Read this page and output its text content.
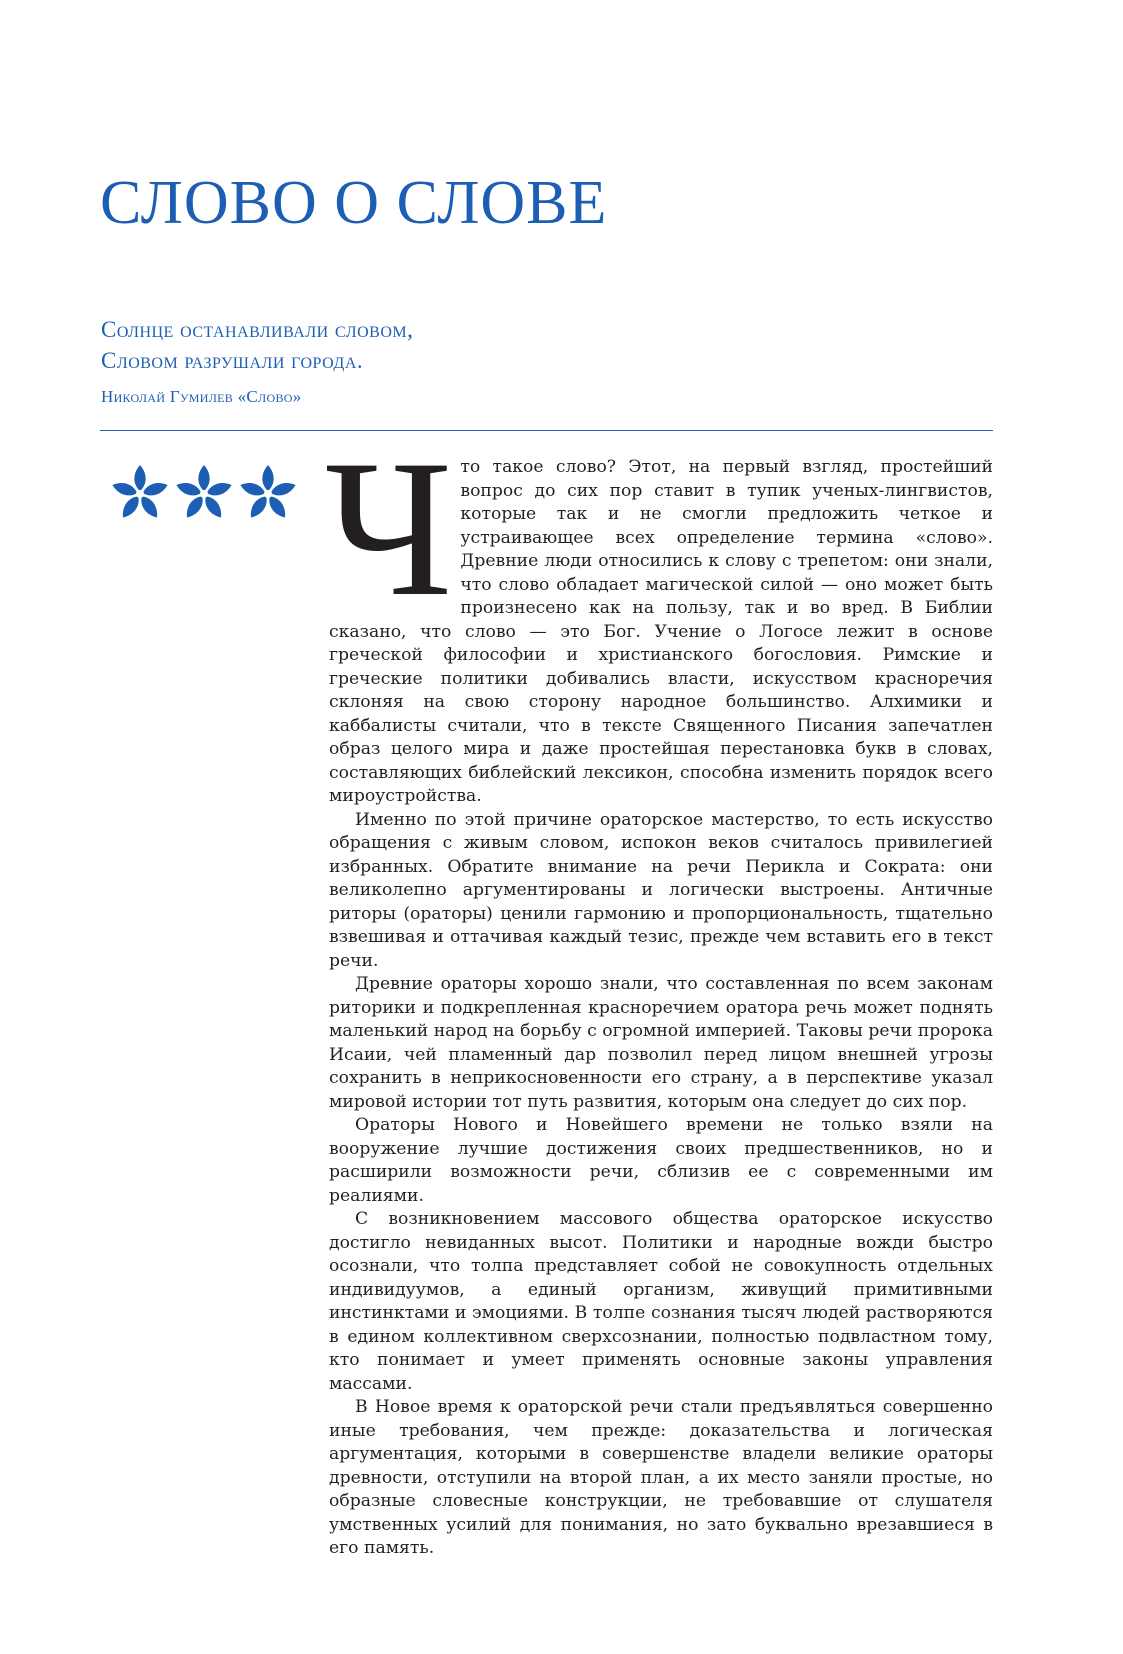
СЛОВО О СЛОВЕ
Солнце останавливали словом,
Словом разрушали города.
Николай Гумилев «Слово»

Что такое слово? Этот, на первый взгляд, простейший вопрос до сих пор ставит в тупик ученых-лингвистов, которые так и не смогли предложить четкое и устраивающее всех определение термина «слово». Древние люди относились к слову с трепетом: они знали, что слово обладает магической силой — оно может быть произнесено как на пользу, так и во вред. В Библии сказано, что слово — это Бог. Учение о Логосе лежит в основе греческой философии и христианского богословия. Римские и греческие политики добивались власти, искусством красноречия склоняя на свою сторону народное большинство. Алхимики и каббалисты считали, что в тексте Священного Писания запечатлен образ целого мира и даже простейшая перестановка букв в словах, составляющих библейский лексикон, способна изменить порядок всего мироустройства.

Именно по этой причине ораторское мастерство, то есть искусство обращения с живым словом, испокон веков считалось привилегией избранных. Обратите внимание на речи Перикла и Сократа: они великолепно аргументированы и логически выстроены. Античные риторы (ораторы) ценили гармонию и пропорциональность, тщательно взвешивая и оттачивая каждый тезис, прежде чем вставить его в текст речи.

Древние ораторы хорошо знали, что составленная по всем законам риторики и подкрепленная красноречием оратора речь может поднять маленький народ на борьбу с огромной империей. Таковы речи пророка Исаии, чей пламенный дар позволил перед лицом внешней угрозы сохранить в неприкосновенности его страну, а в перспективе указал мировой истории тот путь развития, которым она следует до сих пор.

Ораторы Нового и Новейшего времени не только взяли на вооружение лучшие достижения своих предшественников, но и расширили возможности речи, сблизив ее с современными им реалиями.

С возникновением массового общества ораторское искусство достигло невиданных высот. Политики и народные вожди быстро осознали, что толпа представляет собой не совокупность отдельных индивидуумов, а единый организм, живущий примитивными инстинктами и эмоциями. В толпе сознания тысяч людей растворяются в едином коллективном сверхсознании, полностью подвластном тому, кто понимает и умеет применять основные законы управления массами.

В Новое время к ораторской речи стали предъявляться совершенно иные требования, чем прежде: доказательства и логическая аргументация, которыми в совершенстве владели великие ораторы древности, отступили на второй план, а их место заняли простые, но образные словесные конструкции, не требовавшие от слушателя умственных усилий для понимания, но зато буквально врезавшиеся в его память.
